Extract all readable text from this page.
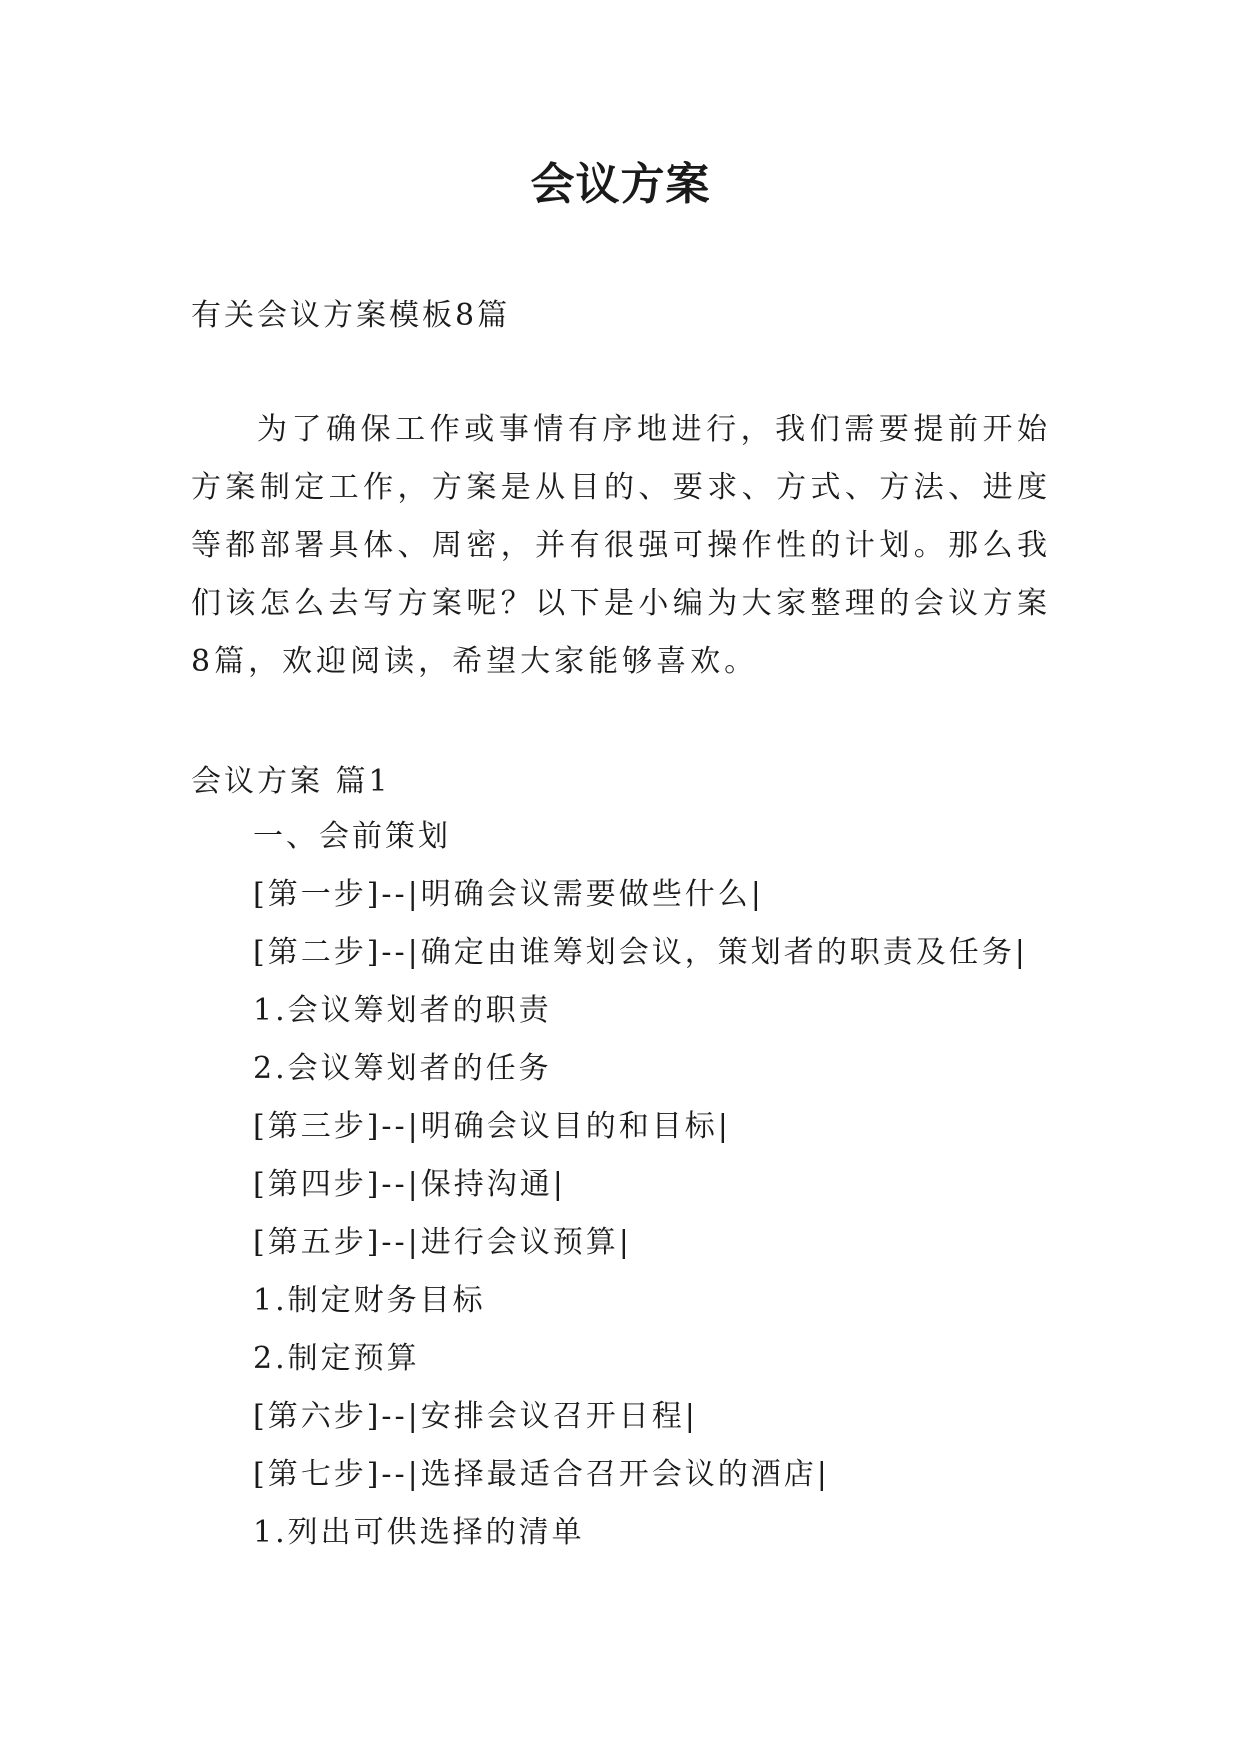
会议方案

有关会议方案模板8篇

为了确保工作或事情有序地进行，我们需要提前开始方案制定工作，方案是从目的、要求、方式、方法、进度等都部署具体、周密，并有很强可操作性的计划。那么我们该怎么去写方案呢？以下是小编为大家整理的会议方案8篇，欢迎阅读，希望大家能够喜欢。

会议方案 篇1

一、会前策划
[第一步]--|明确会议需要做些什么|
[第二步]--|确定由谁筹划会议，策划者的职责及任务|
1.会议筹划者的职责
2.会议筹划者的任务
[第三步]--|明确会议目的和目标|
[第四步]--|保持沟通|
[第五步]--|进行会议预算|
1.制定财务目标
2.制定预算
[第六步]--|安排会议召开日程|
[第七步]--|选择最适合召开会议的酒店|
1.列出可供选择的清单
